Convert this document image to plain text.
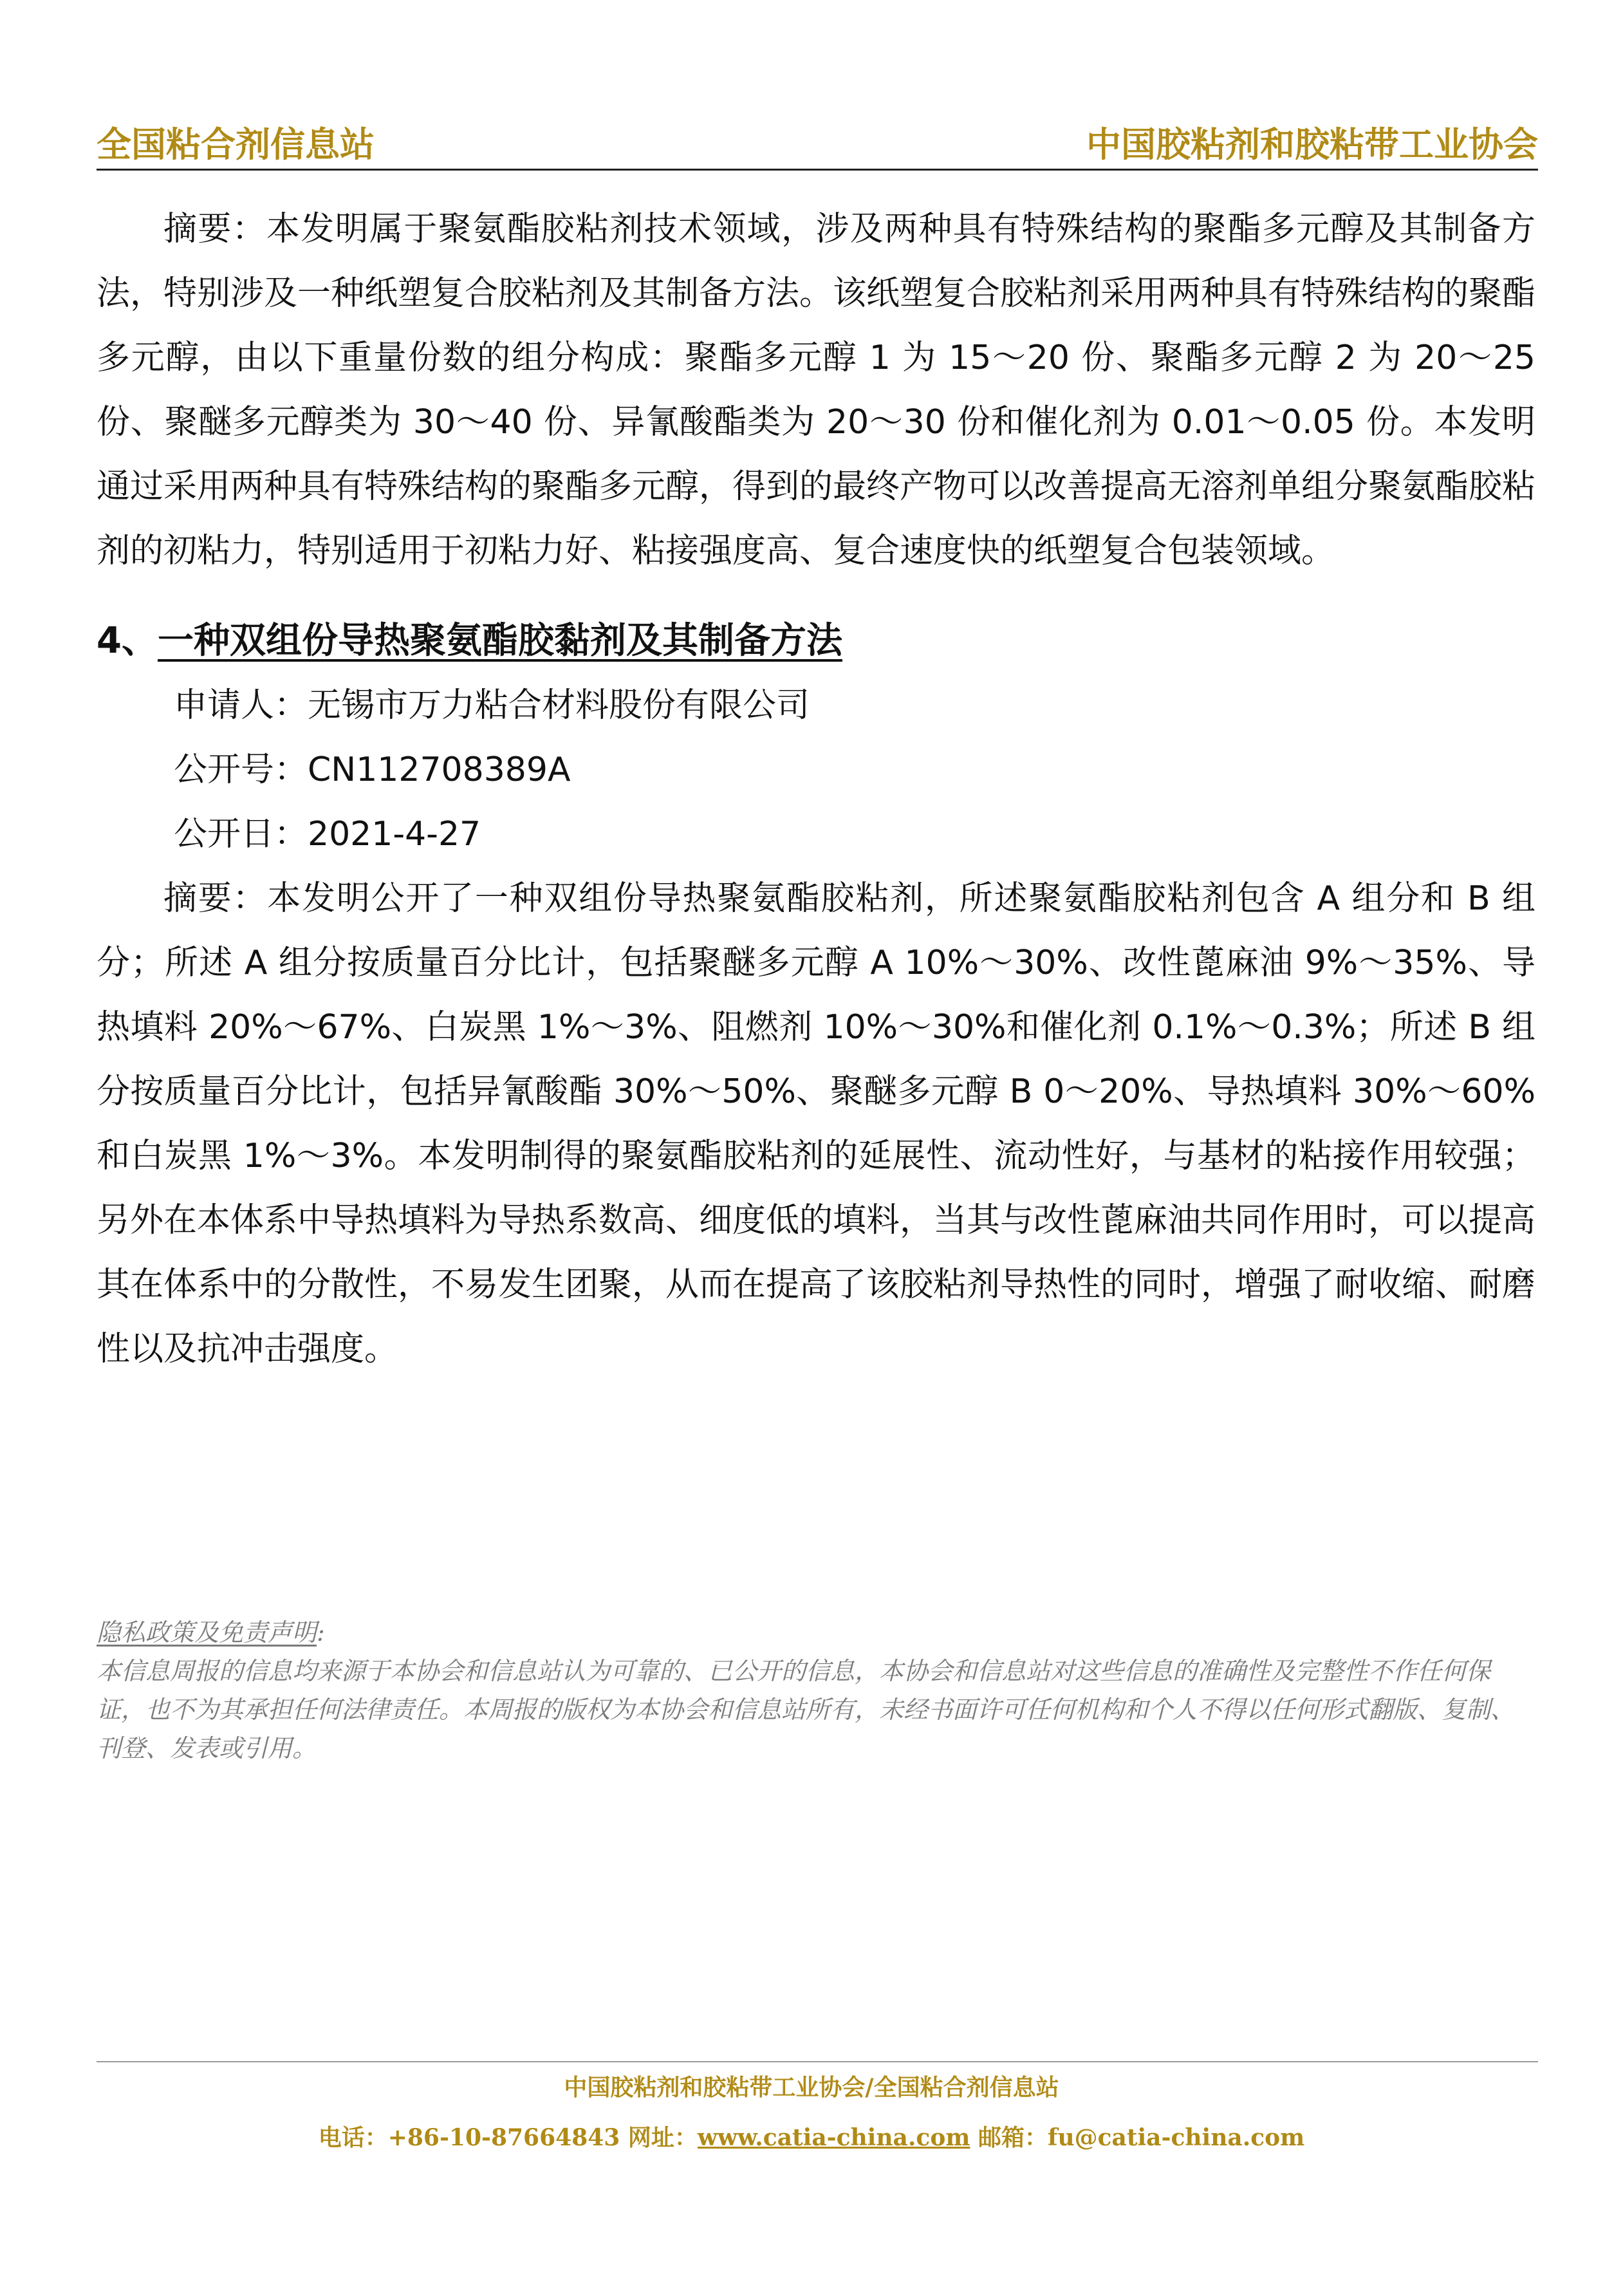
全国粘合剂信息站	中国胶粘剂和胶粘带工业协会

摘要：本发明属于聚氨酯胶粘剂技术领域，涉及两种具有特殊结构的聚酯多元醇及其制备方法，特别涉及一种纸塑复合胶粘剂及其制备方法。该纸塑复合胶粘剂采用两种具有特殊结构的聚酯多元醇，由以下重量份数的组分构成：聚酯多元醇 1 为 15～20 份、聚酯多元醇 2 为 20～25 份、聚醚多元醇类为 30～40 份、异氰酸酯类为 20～30 份和催化剂为 0.01～0.05 份。本发明通过采用两种具有特殊结构的聚酯多元醇，得到的最终产物可以改善提高无溶剂单组分聚氨酯胶粘剂的初粘力，特别适用于初粘力好、粘接强度高、复合速度快的纸塑复合包装领域。

4、一种双组份导热聚氨酯胶黏剂及其制备方法

申请人：无锡市万力粘合材料股份有限公司

公开号：CN112708389A

公开日：2021-4-27

摘要：本发明公开了一种双组份导热聚氨酯胶粘剂，所述聚氨酯胶粘剂包含 A 组分和 B 组分；所述 A 组分按质量百分比计，包括聚醚多元醇 A 10%～30%、改性蓖麻油 9%～35%、导热填料 20%～67%、白炭黑 1%～3%、阻燃剂 10%～30%和催化剂 0.1%～0.3%；所述 B 组分按质量百分比计，包括异氰酸酯 30%～50%、聚醚多元醇 B 0～20%、导热填料 30%～60%和白炭黑 1%～3%。本发明制得的聚氨酯胶粘剂的延展性、流动性好，与基材的粘接作用较强；另外在本体系中导热填料为导热系数高、细度低的填料，当其与改性蓖麻油共同作用时，可以提高其在体系中的分散性，不易发生团聚，从而在提高了该胶粘剂导热性的同时，增强了耐收缩、耐磨性以及抗冲击强度。

隐私政策及免责声明:
本信息周报的信息均来源于本协会和信息站认为可靠的、已公开的信息，本协会和信息站对这些信息的准确性及完整性不作任何保证，也不为其承担任何法律责任。本周报的版权为本协会和信息站所有，未经书面许可任何机构和个人不得以任何形式翻版、复制、刊登、发表或引用。
中国胶粘剂和胶粘带工业协会/全国粘合剂信息站
电话：+86-10-87664843 网址：www.catia-china.com 邮箱：fu@catia-china.com
